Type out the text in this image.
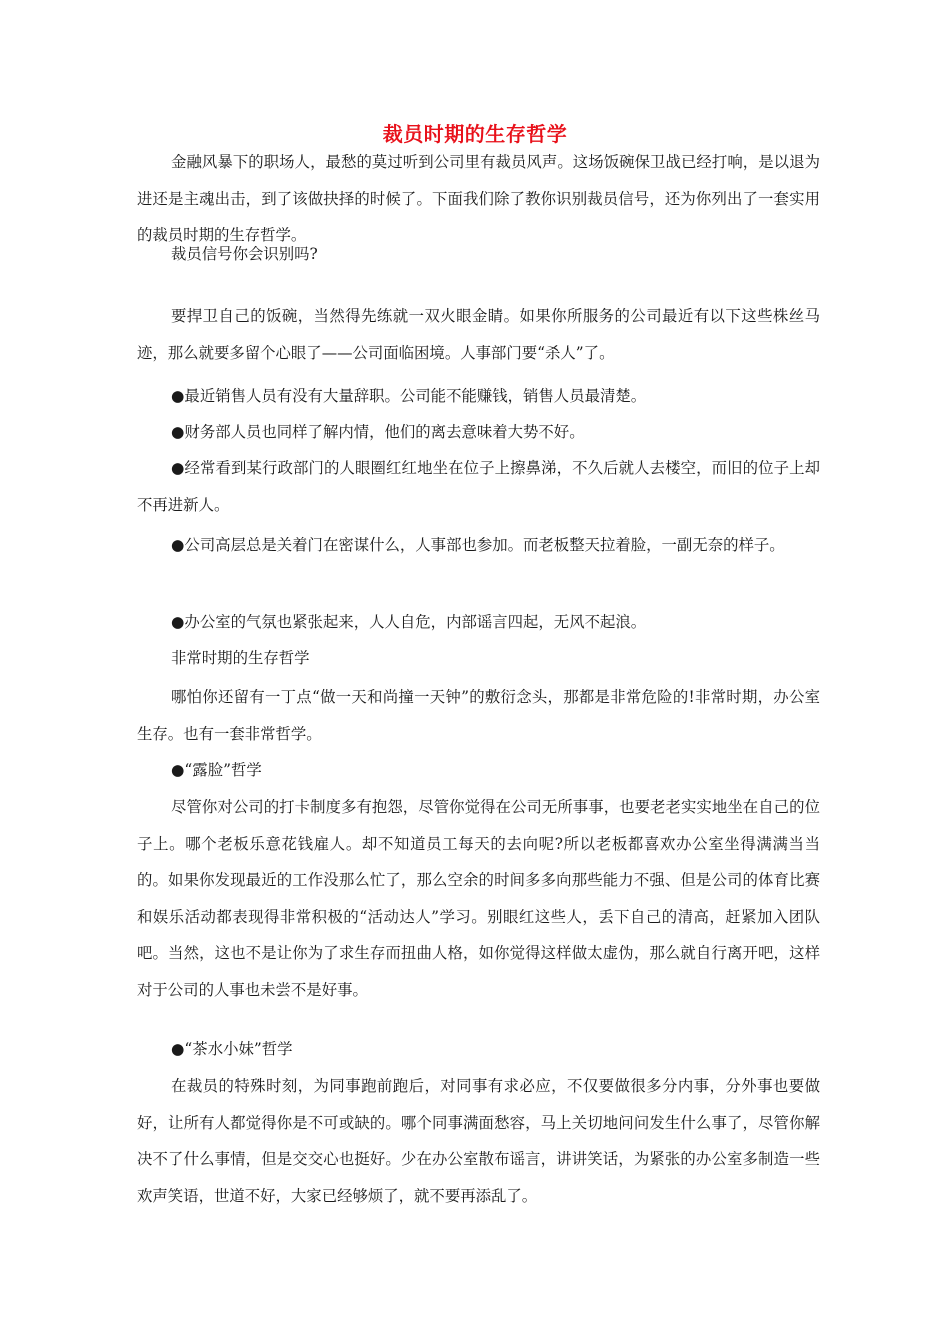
裁员时期的生存哲学

金融风暴下的职场人，最愁的莫过听到公司里有裁员风声。这场饭碗保卫战已经打响，是以退为进还是主魂出击，到了该做抉择的时候了。下面我们除了教你识别裁员信号，还为你列出了一套实用的裁员时期的生存哲学。

裁员信号你会识别吗?

要捍卫自己的饭碗，当然得先练就一双火眼金睛。如果你所服务的公司最近有以下这些株丝马迹，那么就要多留个心眼了——公司面临困境。人事部门要“杀人”了。

●最近销售人员有没有大量辞职。公司能不能赚钱，销售人员最清楚。

●财务部人员也同样了解内情，他们的离去意味着大势不好。

●经常看到某行政部门的人眼圈红红地坐在位子上擦鼻涕，不久后就人去楼空，而旧的位子上却不再进新人。

●公司高层总是关着门在密谋什么，人事部也参加。而老板整天拉着脸，一副无奈的样子。

●办公室的气氛也紧张起来，人人自危，内部谣言四起，无风不起浪。

非常时期的生存哲学

哪怕你还留有一丁点“做一天和尚撞一天钟”的敷衍念头，那都是非常危险的!非常时期，办公室生存。也有一套非常哲学。

●“露脸”哲学

尽管你对公司的打卡制度多有抱怨，尽管你觉得在公司无所事事，也要老老实实地坐在自己的位子上。哪个老板乐意花钱雇人。却不知道员工每天的去向呢?所以老板都喜欢办公室坐得满满当当的。如果你发现最近的工作没那么忙了，那么空余的时间多多向那些能力不强、但是公司的体育比赛和娱乐活动都表现得非常积极的“活动达人”学习。别眼红这些人，丢下自己的清高，赶紧加入团队吧。当然，这也不是让你为了求生存而扭曲人格，如你觉得这样做太虚伪，那么就自行离开吧，这样对于公司的人事也未尝不是好事。

●“茶水小妹”哲学

在裁员的特殊时刻，为同事跑前跑后，对同事有求必应，不仅要做很多分内事，分外事也要做好，让所有人都觉得你是不可或缺的。哪个同事满面愁容，马上关切地问问发生什么事了，尽管你解决不了什么事情，但是交交心也挺好。少在办公室散布谣言，讲讲笑话，为紧张的办公室多制造一些欢声笑语，世道不好，大家已经够烦了，就不要再添乱了。
